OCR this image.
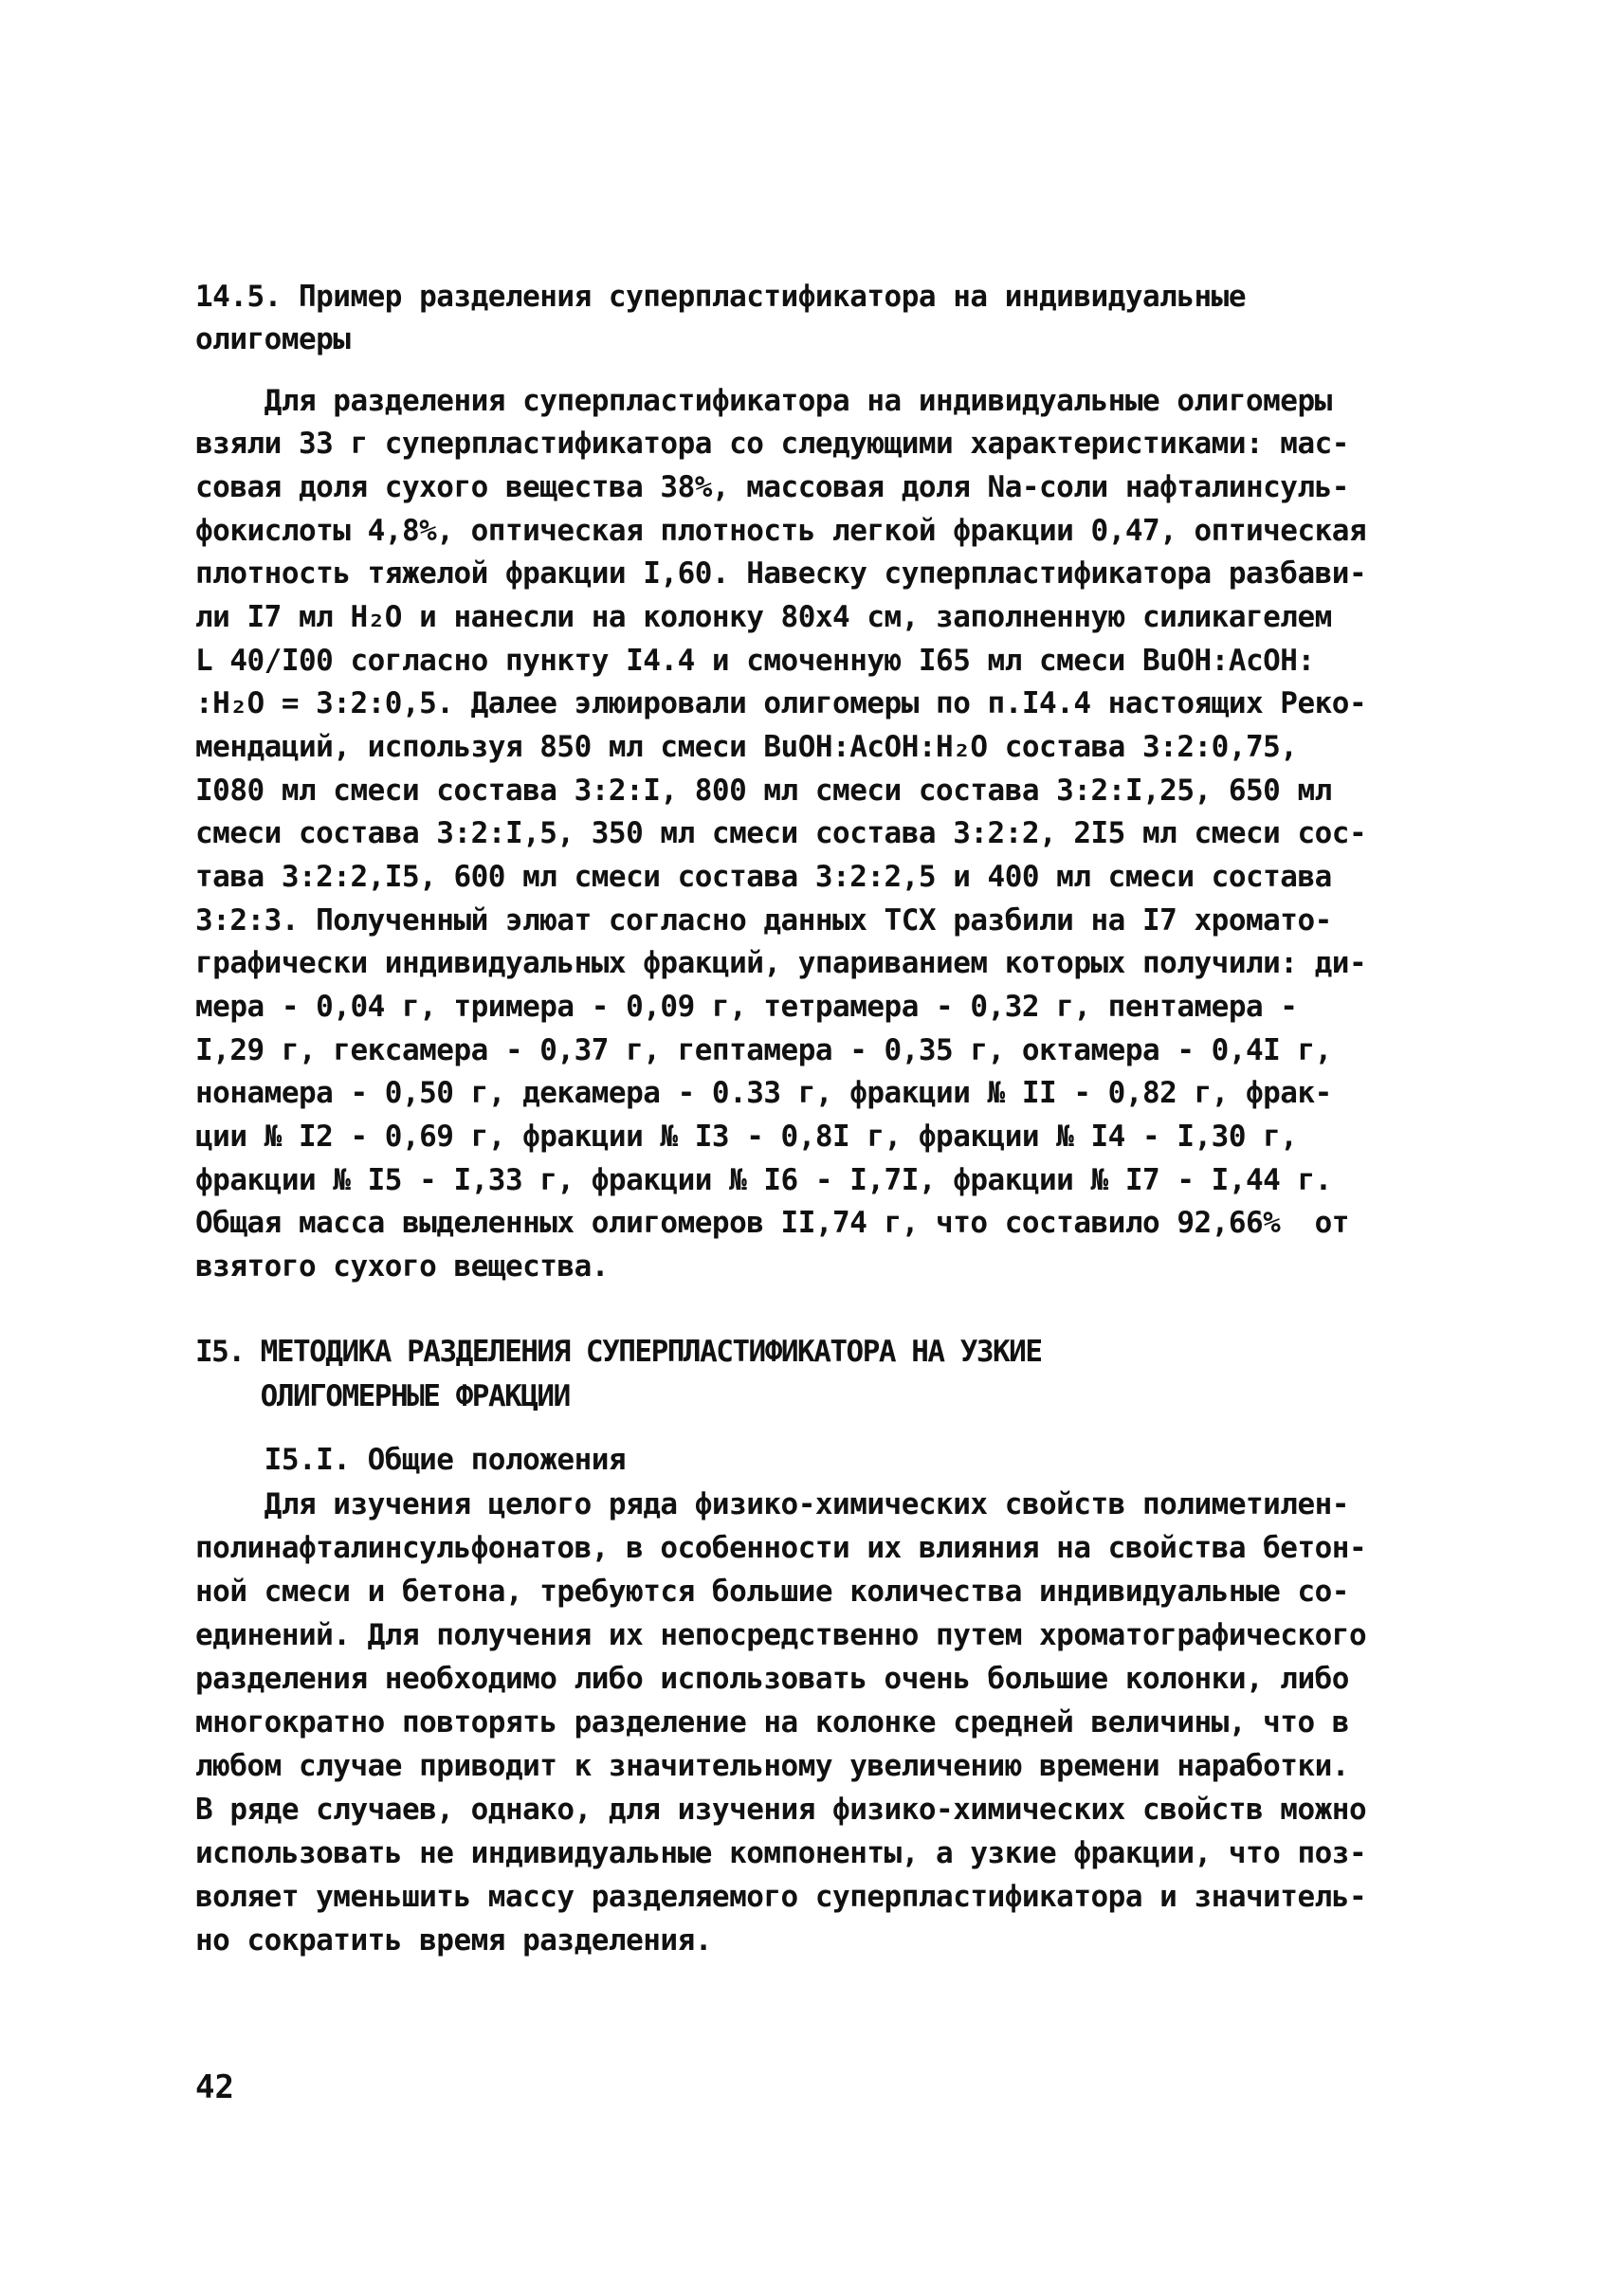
14.5. Пример разделения суперпластификатора на индивидуальные
олигомеры
Для разделения суперпластификатора на индивидуальные олигомеры
взяли 33 г суперпластификатора со следующими характеристиками: мас-
совая доля сухого вещества 38%, массовая доля Na-соли нафталинсуль-
фокислоты 4,8%, оптическая плотность легкой фракции 0,47, оптическая
плотность тяжелой фракции I,60. Навеску суперпластификатора разбави-
ли I7 мл H₂O и нанесли на колонку 80х4 см, заполненную силикагелем
L 40/I00 согласно пункту I4.4 и смоченную I65 мл смеси BuOH:AcOH:
:H₂O = 3:2:0,5. Далее элюировали олигомеры по п.I4.4 настоящих Реко-
мендаций, используя 850 мл смеси BuOH:AcOH:H₂O состава 3:2:0,75,
I080 мл смеси состава 3:2:I, 800 мл смеси состава 3:2:I,25, 650 мл
смеси состава 3:2:I,5, 350 мл смеси состава 3:2:2, 2I5 мл смеси сос-
тава 3:2:2,I5, 600 мл смеси состава 3:2:2,5 и 400 мл смеси состава
3:2:3. Полученный элюат согласно данных ТСХ разбили на I7 хромато-
графически индивидуальных фракций, упариванием которых получили: ди-
мера - 0,04 г, тримера - 0,09 г, тетрамера - 0,32 г, пентамера -
I,29 г, гексамера - 0,37 г, гептамера - 0,35 г, октамера - 0,4I г,
нонамера - 0,50 г, декамера - 0.33 г, фракции № II - 0,82 г, фрак-
ции № I2 - 0,69 г, фракции № I3 - 0,8I г, фракции № I4 - I,30 г,
фракции № I5 - I,33 г, фракции № I6 - I,7I, фракции № I7 - I,44 г.
Общая масса выделенных олигомеров II,74 г, что составило 92,66%  от
взятого сухого вещества.
I5. МЕТОДИКА РАЗДЕЛЕНИЯ СУПЕРПЛАСТИФИКАТОРА НА УЗКИЕ
ОЛИГОМЕРНЫЕ ФРАКЦИИ
I5.I. Общие положения
Для изучения целого ряда физико-химических свойств полиметилен-
полинафталинсульфонатов, в особенности их влияния на свойства бетон-
ной смеси и бетона, требуются большие количества индивидуальные со-
единений. Для получения их непосредственно путем хроматографического
разделения необходимо либо использовать очень большие колонки, либо
многократно повторять разделение на колонке средней величины, что в
любом случае приводит к значительному увеличению времени наработки.
В ряде случаев, однако, для изучения физико-химических свойств можно
использовать не индивидуальные компоненты, а узкие фракции, что поз-
воляет уменьшить массу разделяемого суперпластификатора и значитель-
но сократить время разделения.
42
